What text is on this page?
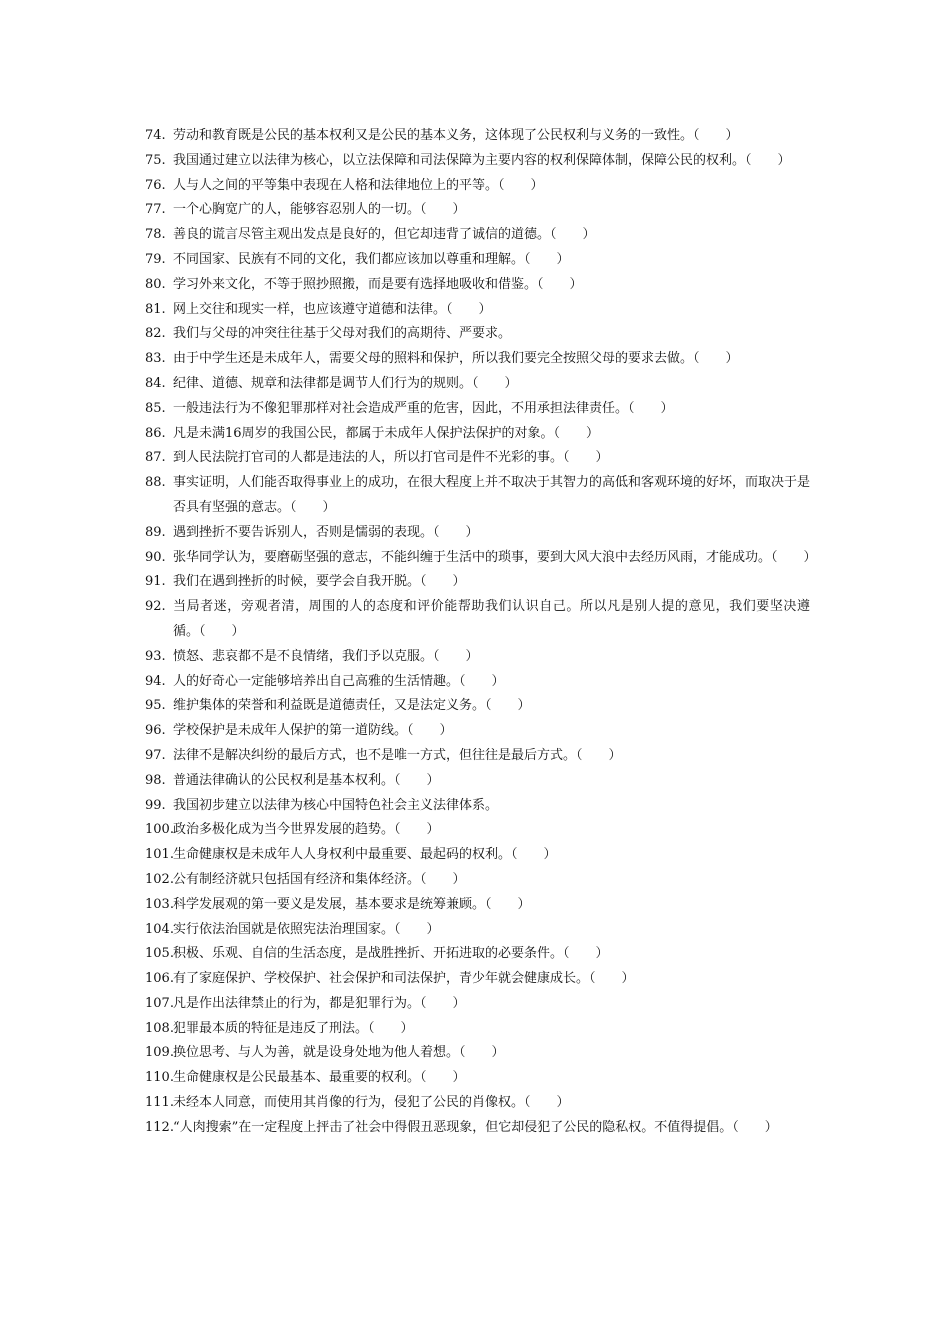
74. 劳动和教育既是公民的基本权利又是公民的基本义务，这体现了公民权利与义务的一致性。（　　）
75. 我国通过建立以法律为核心，以立法保障和司法保障为主要内容的权利保障体制，保障公民的权利。（　　）
76. 人与人之间的平等集中表现在人格和法律地位上的平等。（　　）
77. 一个心胸宽广的人，能够容忍别人的一切。（　　）
78. 善良的谎言尽管主观出发点是良好的，但它却违背了诚信的道德。（　　）
79. 不同国家、民族有不同的文化，我们都应该加以尊重和理解。（　　）
80. 学习外来文化，不等于照抄照搬，而是要有选择地吸收和借鉴。（　　）
81. 网上交往和现实一样，也应该遵守道德和法律。（　　）
82. 我们与父母的冲突往往基于父母对我们的高期待、严要求。
83. 由于中学生还是未成年人，需要父母的照料和保护，所以我们要完全按照父母的要求去做。（　　）
84. 纪律、道德、规章和法律都是调节人们行为的规则。（　　）
85. 一般违法行为不像犯罪那样对社会造成严重的危害，因此，不用承担法律责任。（　　）
86. 凡是未满16周岁的我国公民，都属于未成年人保护法保护的对象。（　　）
87. 到人民法院打官司的人都是违法的人，所以打官司是件不光彩的事。（　　）
88. 事实证明，人们能否取得事业上的成功，在很大程度上并不取决于其智力的高低和客观环境的好坏，而取决于是否具有坚强的意志。（　　）
89. 遇到挫折不要告诉别人，否则是懦弱的表现。（　　）
90. 张华同学认为，要磨砺坚强的意志，不能纠缠于生活中的琐事，要到大风大浪中去经历风雨，才能成功。（　　）
91. 我们在遇到挫折的时候，要学会自我开脱。（　　）
92. 当局者迷，旁观者清，周围的人的态度和评价能帮助我们认识自己。所以凡是别人提的意见，我们要坚决遵循。（　　）
93. 愤怒、悲哀都不是不良情绪，我们予以克服。（　　）
94. 人的好奇心一定能够培养出自己高雅的生活情趣。（　　）
95. 维护集体的荣誉和利益既是道德责任，又是法定义务。（　　）
96. 学校保护是未成年人保护的第一道防线。（　　）
97. 法律不是解决纠纷的最后方式，也不是唯一方式，但往往是最后方式。（　　）
98. 普通法律确认的公民权利是基本权利。（　　）
99. 我国初步建立以法律为核心中国特色社会主义法律体系。
100. 政治多极化成为当今世界发展的趋势。（　　）
101. 生命健康权是未成年人人身权利中最重要、最起码的权利。（　　）
102. 公有制经济就只包括国有经济和集体经济。（　　）
103. 科学发展观的第一要义是发展，基本要求是统筹兼顾。（　　）
104. 实行依法治国就是依照宪法治理国家。（　　）
105. 积极、乐观、自信的生活态度，是战胜挫折、开拓进取的必要条件。（　　）
106. 有了家庭保护、学校保护、社会保护和司法保护，青少年就会健康成长。（　　）
107. 凡是作出法律禁止的行为，都是犯罪行为。（　　）
108. 犯罪最本质的特征是违反了刑法。（　　）
109. 换位思考、与人为善，就是设身处地为他人着想。（　　）
110. 生命健康权是公民最基本、最重要的权利。（　　）
111. 未经本人同意，而使用其肖像的行为，侵犯了公民的肖像权。（　　）
112. “人肉搜索”在一定程度上抨击了社会中得假丑恶现象，但它却侵犯了公民的隐私权。不值得提倡。（　　）
